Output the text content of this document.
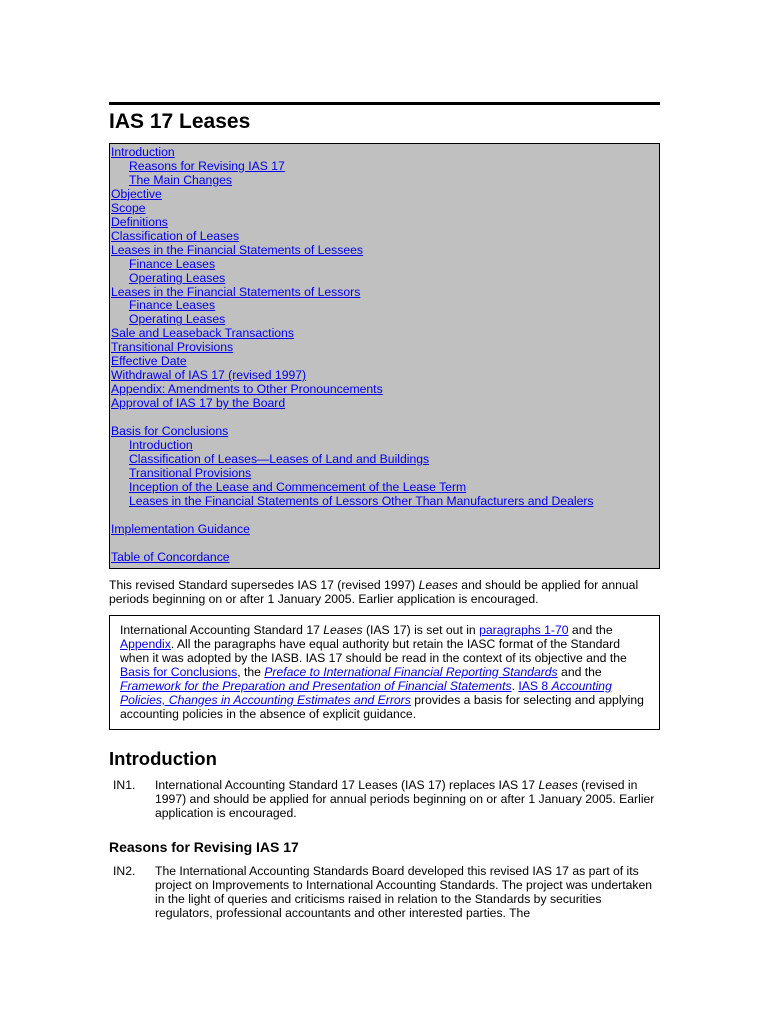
IAS 17 Leases
Introduction
Reasons for Revising IAS 17
The Main Changes
Objective
Scope
Definitions
Classification of Leases
Leases in the Financial Statements of Lessees
Finance Leases
Operating Leases
Leases in the Financial Statements of Lessors
Finance Leases
Operating Leases
Sale and Leaseback Transactions
Transitional Provisions
Effective Date
Withdrawal of IAS 17 (revised 1997)
Appendix: Amendments to Other Pronouncements
Approval of IAS 17 by the Board
Basis for Conclusions
Introduction
Classification of Leases—Leases of Land and Buildings
Transitional Provisions
Inception of the Lease and Commencement of the Lease Term
Leases in the Financial Statements of Lessors Other Than Manufacturers and Dealers
Implementation Guidance
Table of Concordance

This revised Standard supersedes IAS 17 (revised 1997) Leases and should be applied for annual periods beginning on or after 1 January 2005. Earlier application is encouraged.

International Accounting Standard 17 Leases (IAS 17) is set out in paragraphs 1-70 and the Appendix. All the paragraphs have equal authority but retain the IASC format of the Standard when it was adopted by the IASB. IAS 17 should be read in the context of its objective and the Basis for Conclusions, the Preface to International Financial Reporting Standards and the Framework for the Preparation and Presentation of Financial Statements. IAS 8 Accounting Policies, Changes in Accounting Estimates and Errors provides a basis for selecting and applying accounting policies in the absence of explicit guidance.
Introduction
IN1.	International Accounting Standard 17 Leases (IAS 17) replaces IAS 17 Leases (revised in 1997) and should be applied for annual periods beginning on or after 1 January 2005. Earlier application is encouraged.
Reasons for Revising IAS 17
IN2.	The International Accounting Standards Board developed this revised IAS 17 as part of its project on Improvements to International Accounting Standards. The project was undertaken in the light of queries and criticisms raised in relation to the Standards by securities regulators, professional accountants and other interested parties. The
